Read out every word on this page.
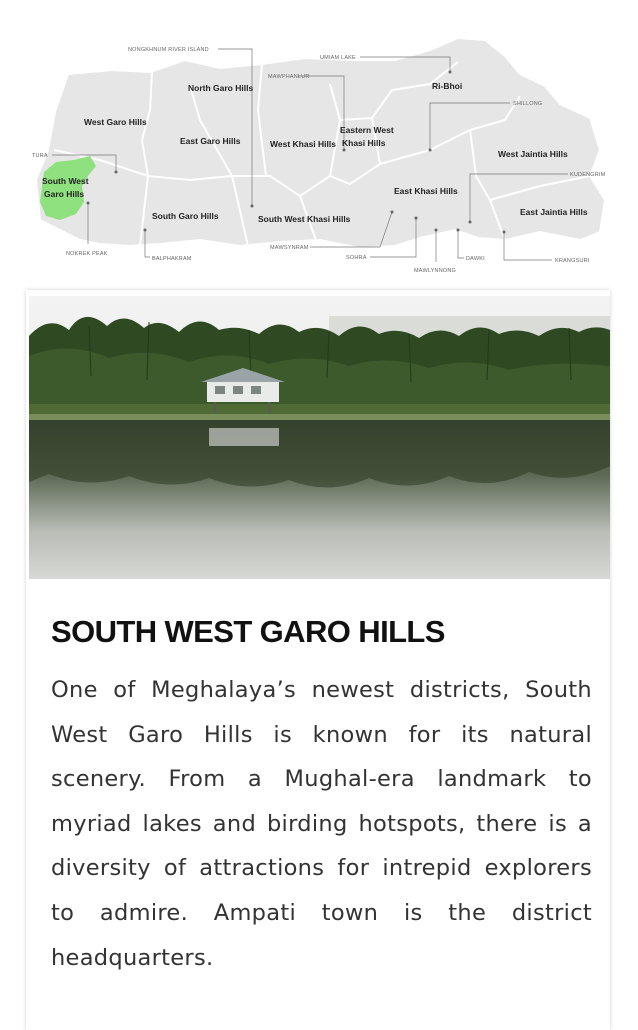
North Garo Hills
West Garo Hills
East Garo Hills
South West
Garo Hills
South Garo Hills
West Khasi Hills
Eastern West
Khasi Hills
South West Khasi Hills
Ri-Bhoi
East Khasi Hills
West Jaintia Hills
East Jaintia Hills
NONGKHNUM RIVER ISLAND
UMIAM LAKE
MAWPHANLUR
SHILLONG
TURA
KUDENGRIM
NOKREK PEAK
BALPHAKRAM
MAWSYNRAM
SOHRA
MAWLYNNONG
DAWKI	KRANGSURI
SOUTH WEST GARO HILLS

One of Meghalaya’s newest districts, South West Garo Hills is known for its natural scenery. From a Mughal-era landmark to myriad lakes and birding hotspots, there is a diversity of attractions for intrepid explorers to admire. Ampati town is the district headquarters.
